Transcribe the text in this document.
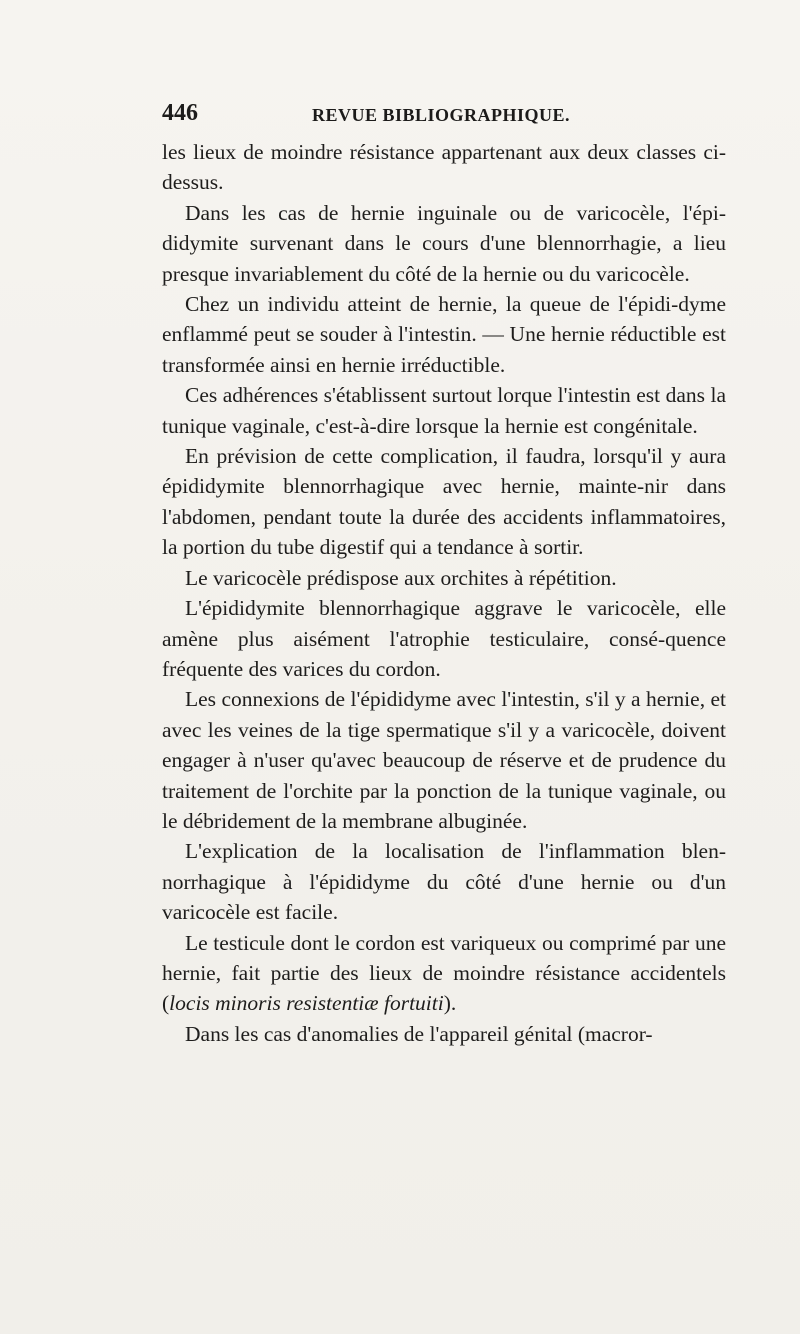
446	REVUE BIBLIOGRAPHIQUE.

les lieux de moindre résistance appartenant aux deux classes ci-dessus.

Dans les cas de hernie inguinale ou de varicocèle, l'épi-didymite survenant dans le cours d'une blennorrhagie, a lieu presque invariablement du côté de la hernie ou du varicocèle.

Chez un individu atteint de hernie, la queue de l'épidi-dyme enflammé peut se souder à l'intestin. — Une hernie réductible est transformée ainsi en hernie irréductible.

Ces adhérences s'établissent surtout lorque l'intestin est dans la tunique vaginale, c'est-à-dire lorsque la hernie est congénitale.

En prévision de cette complication, il faudra, lorsqu'il y aura épididymite blennorrhagique avec hernie, mainte-nir dans l'abdomen, pendant toute la durée des accidents inflammatoires, la portion du tube digestif qui a tendance à sortir.

Le varicocèle prédispose aux orchites à répétition.

L'épididymite blennorrhagique aggrave le varicocèle, elle amène plus aisément l'atrophie testiculaire, consé-quence fréquente des varices du cordon.

Les connexions de l'épididyme avec l'intestin, s'il y a hernie, et avec les veines de la tige spermatique s'il y a varicocèle, doivent engager à n'user qu'avec beaucoup de réserve et de prudence du traitement de l'orchite par la ponction de la tunique vaginale, ou le débridement de la membrane albuginée.

L'explication de la localisation de l'inflammation blen-norrhagique à l'épididyme du côté d'une hernie ou d'un varicocèle est facile.

Le testicule dont le cordon est variqueux ou comprimé par une hernie, fait partie des lieux de moindre résistance accidentels (locis minoris resistentiæ fortuiti).

Dans les cas d'anomalies de l'appareil génital (macror-
